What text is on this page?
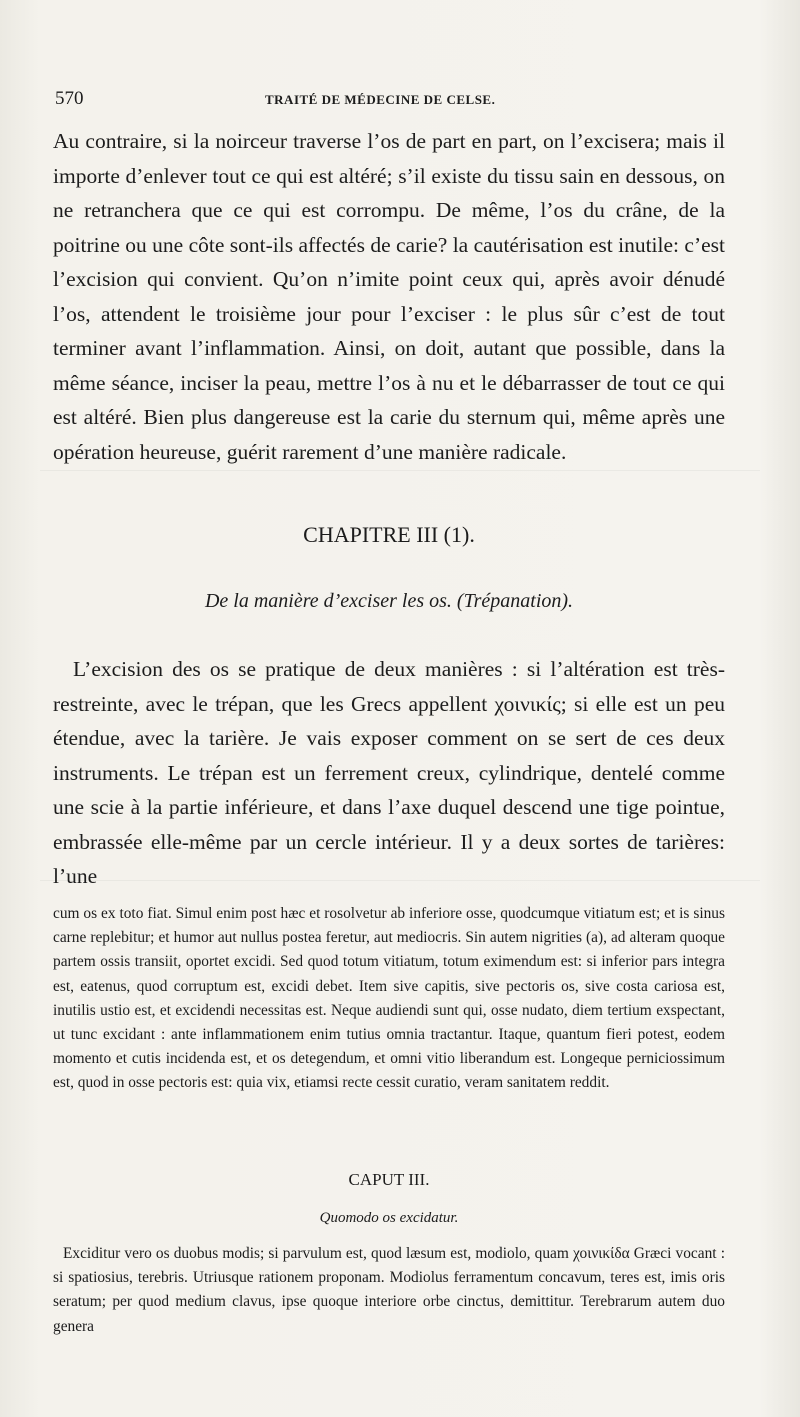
570	TRAITÉ DE MÉDECINE DE CELSE.

Au contraire, si la noirceur traverse l’os de part en part, on l’excisera; mais il importe d’enlever tout ce qui est altéré; s’il existe du tissu sain en dessous, on ne retranchera que ce qui est corrompu. De même, l’os du crâne, de la poitrine ou une côte sont-ils affectés de carie? la cautérisation est inutile: c’est l’excision qui convient. Qu’on n’imite point ceux qui, après avoir dénudé l’os, attendent le troisième jour pour l’exciser : le plus sûr c’est de tout terminer avant l’inflammation. Ainsi, on doit, autant que possible, dans la même séance, inciser la peau, mettre l’os à nu et le débarrasser de tout ce qui est altéré. Bien plus dangereuse est la carie du sternum qui, même après une opération heureuse, guérit rarement d’une manière radicale.

CHAPITRE III (1).
De la manière d’exciser les os. (Trépanation).

L’excision des os se pratique de deux manières : si l’altération est très-restreinte, avec le trépan, que les Grecs appellent χοινικίς; si elle est un peu étendue, avec la tarière. Je vais exposer comment on se sert de ces deux instruments. Le trépan est un ferrement creux, cylindrique, dentelé comme une scie à la partie inférieure, et dans l’axe duquel descend une tige pointue, embrassée elle-même par un cercle intérieur. Il y a deux sortes de tarières: l’une

cum os ex toto fiat. Simul enim post hæc et rosolvetur ab inferiore osse, quodcumque vitiatum est; et is sinus carne replebitur; et humor aut nullus postea feretur, aut mediocris. Sin autem nigrities (a), ad alteram quoque partem ossis transiit, oportet excidi. Sed quod totum vitiatum, totum eximendum est: si inferior pars integra est, eatenus, quod corruptum est, excidi debet. Item sive capitis, sive pectoris os, sive costa cariosa est, inutilis ustio est, et excidendi necessitas est. Neque audiendi sunt qui, osse nudato, diem tertium exspectant, ut tunc excidant : ante inflammationem enim tutius omnia tractantur. Itaque, quantum fieri potest, eodem momento et cutis incidenda est, et os detegendum, et omni vitio liberandum est. Longeque perniciossimum est, quod in osse pectoris est: quia vix, etiamsi recte cessit curatio, veram sanitatem reddit.

CAPUT III.
Quomodo os excidatur.

Exciditur vero os duobus modis; si parvulum est, quod læsum est, modiolo, quam χοινικίδα Græci vocant : si spatiosius, terebris. Utriusque rationem proponam. Modiolus ferramentum concavum, teres est, imis oris seratum; per quod medium clavus, ipse quoque interiore orbe cinctus, demittitur. Terebrarum autem duo genera
